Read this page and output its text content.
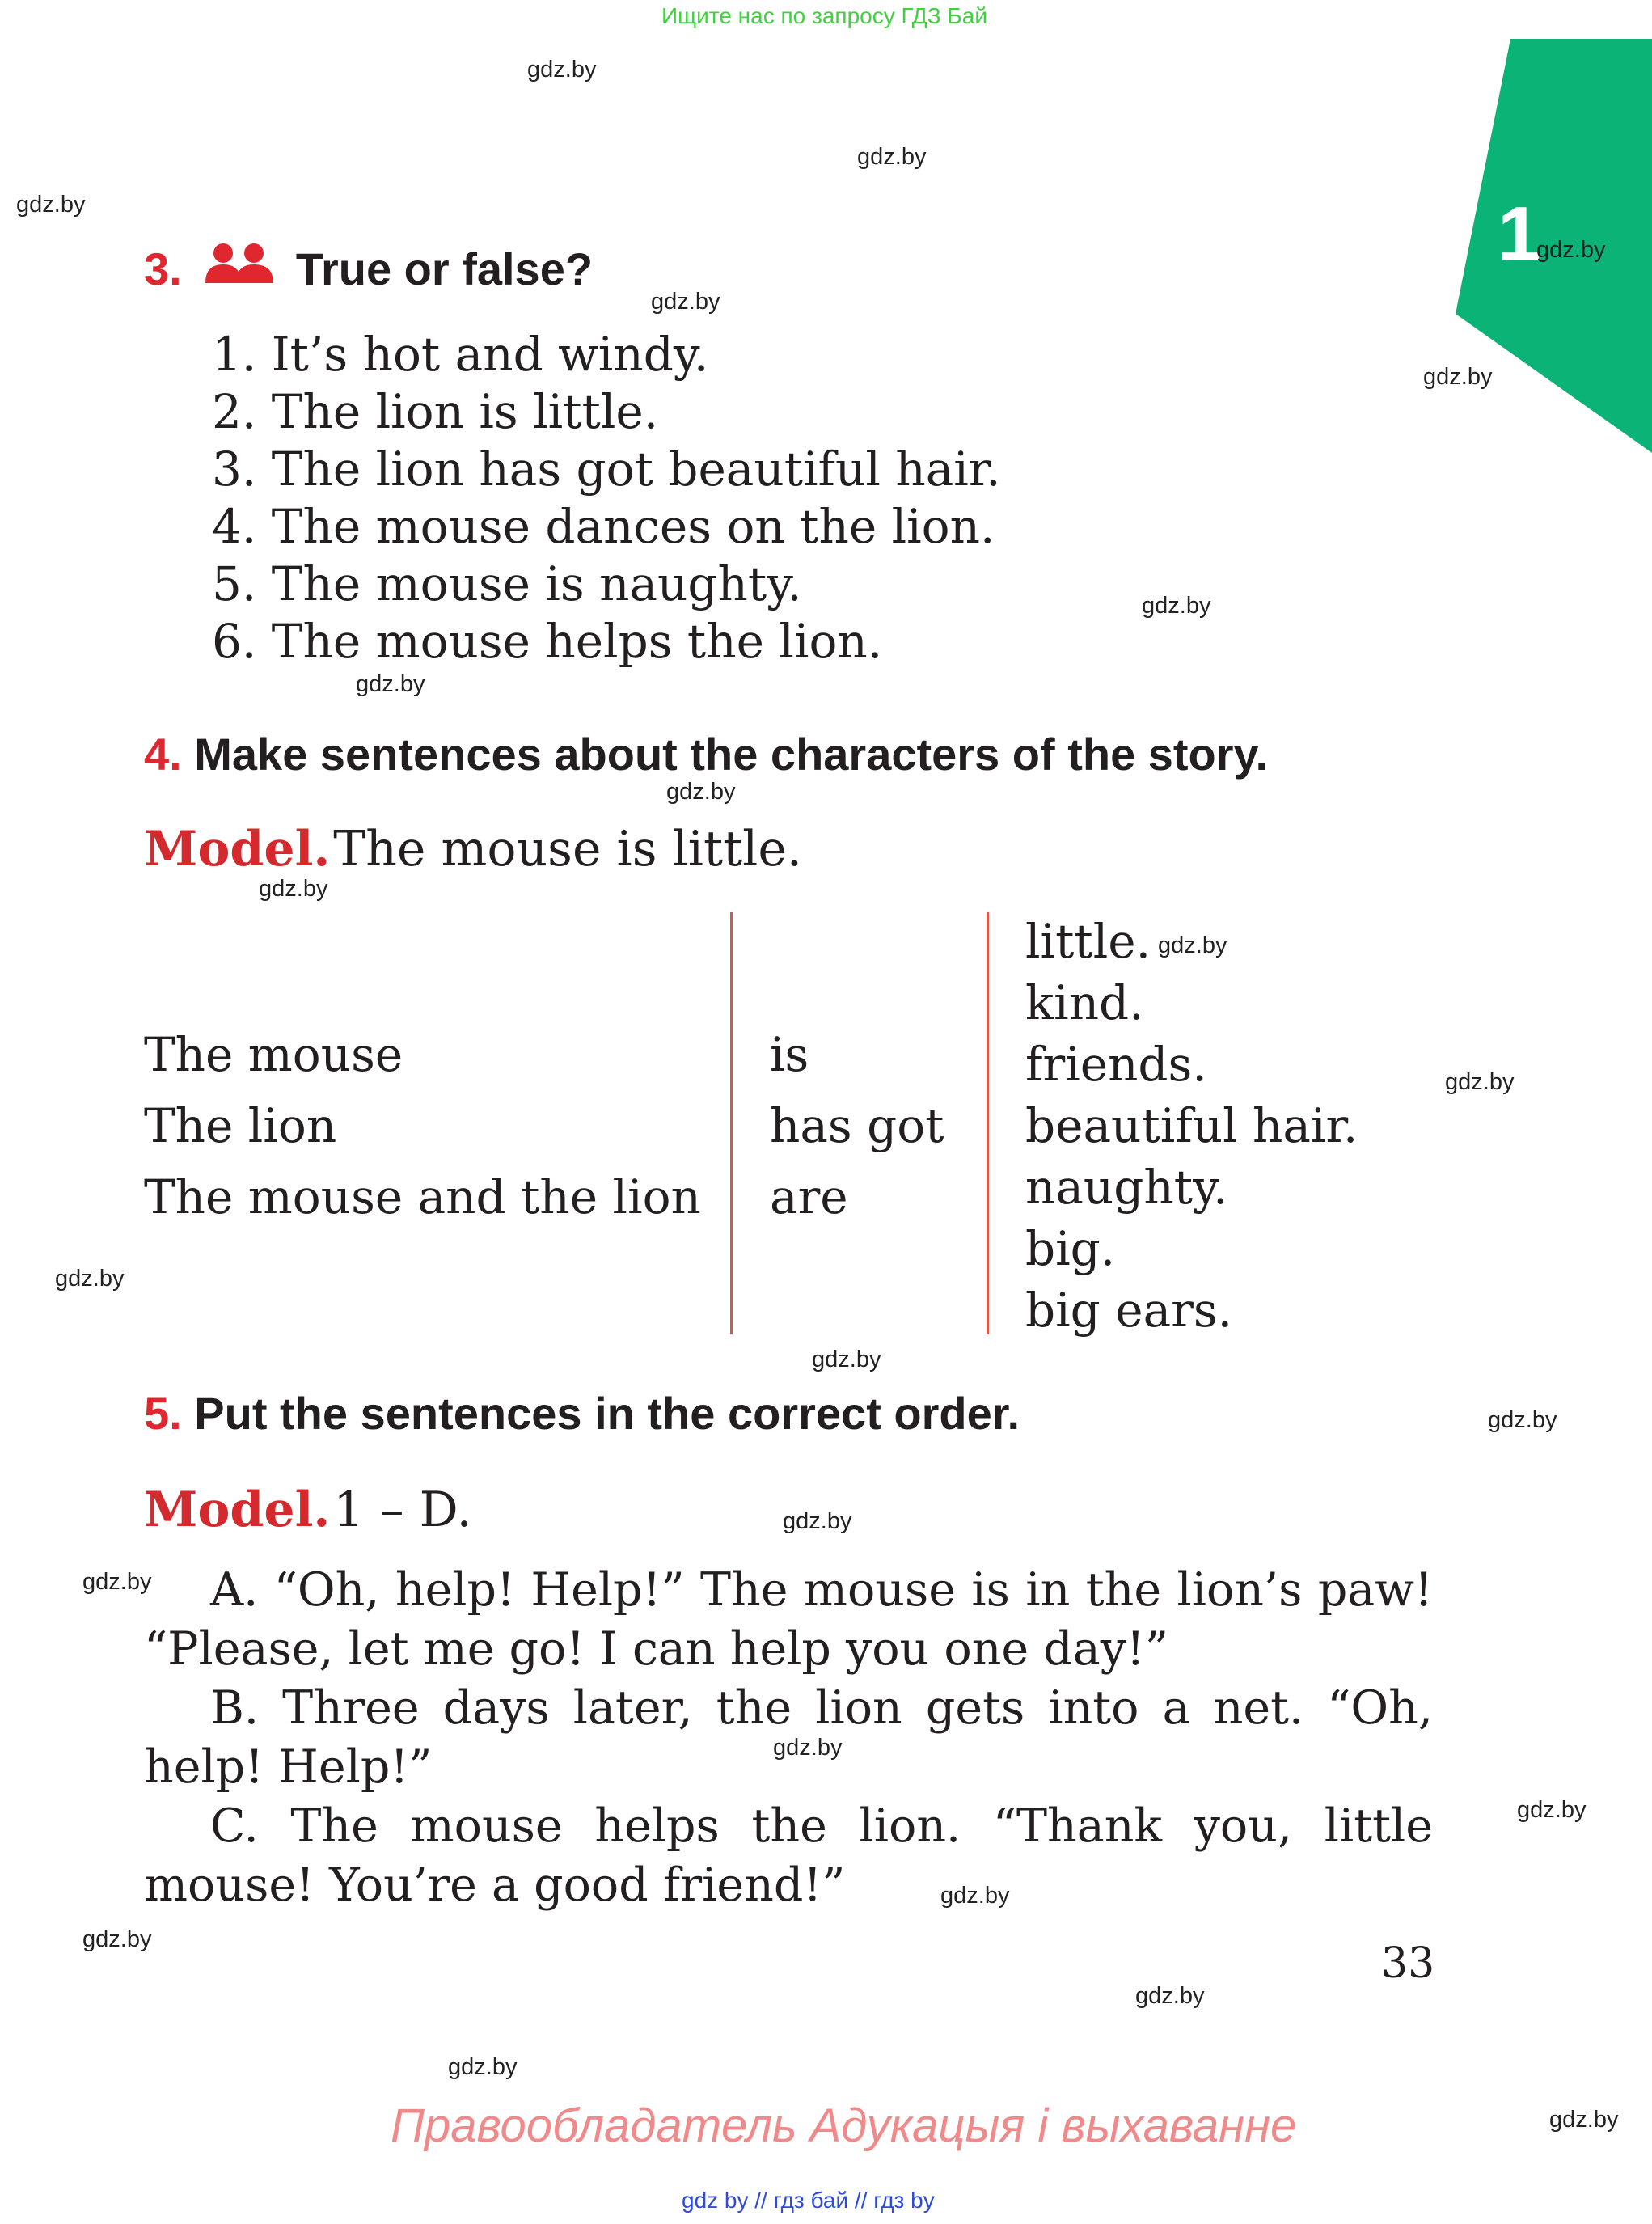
Ищите нас по запросу ГДЗ Бай
1
3.	True or false?
1. It’s hot and windy.
2. The lion is little.
3. The lion has got beautiful hair.
4. The mouse dances on the lion.
5. The mouse is naughty.
6. The mouse helps the lion.
4. Make sentences about the characters of the story.
Model. The mouse is little.
The mouse
The lion
The mouse and the lion
is
has got
are
little.
kind.
friends.
beautiful hair.
naughty.
big.
big ears.
5. Put the sentences in the correct order.
Model. 1 – D.
A. “Oh, help! Help!” The mouse is in the lion’s paw! “Please, let me go! I can help you one day!”
B. Three days later, the lion gets into a net. “Oh, help! Help!”
C. The mouse helps the lion. “Thank you, little mouse! You’re a good friend!”
33
Правообладатель Адукацыя і выхаванне
gdz by // гдз бай // гдз by
gdz.by
gdz.by
gdz.by
gdz.by
gdz.by
gdz.by
gdz.by
gdz.by
gdz.by
gdz.by
gdz.by
gdz.by
gdz.by
gdz.by
gdz.by
gdz.by
gdz.by
gdz.by
gdz.by
gdz.by
gdz.by
gdz.by
gdz.by
gdz.by
